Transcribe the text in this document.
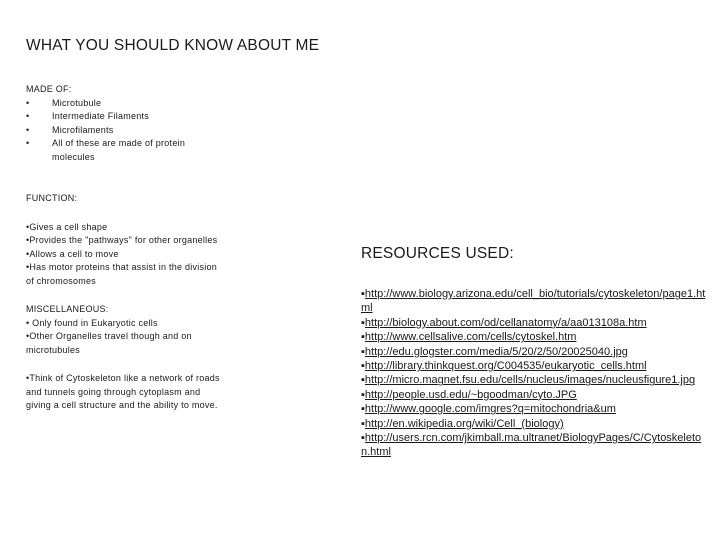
WHAT YOU SHOULD KNOW ABOUT ME

MADE OF:

•	Microtubule
•	Intermediate Filaments
•	Microfilaments
•	All of these are made of protein molecules

FUNCTION:

•Gives a cell shape

•Provides the "pathways" for other organelles

•Allows a cell to move

•Has motor proteins that assist in the division of chromosomes

MISCELLANEOUS:

• Only found in Eukaryotic cells

•Other Organelles travel though and on microtubules

•Think of Cytoskeleton like a network of roads and tunnels going through cytoplasm and giving a cell structure and the ability to move.

RESOURCES USED:
▪http://www.biology.arizona.edu/cell_bio/tutorials/cytoskeleton/page1.html
▪http://biology.about.com/od/cellanatomy/a/aa013108a.htm
▪http://www.cellsalive.com/cells/cytoskel.htm
▪http://edu.glogster.com/media/5/20/2/50/20025040.jpg
▪http://library.thinkquest.org/C004535/eukaryotic_cells.html
▪http://micro.magnet.fsu.edu/cells/nucleus/images/nucleusfigure1.jpg
▪http://people.usd.edu/~bgoodman/cyto.JPG
▪http://www.google.com/imgres?q=mitochondria&um
▪http://en.wikipedia.org/wiki/Cell_(biology)
▪http://users.rcn.com/jkimball.ma.ultranet/BiologyPages/C/Cytoskeleton.html
